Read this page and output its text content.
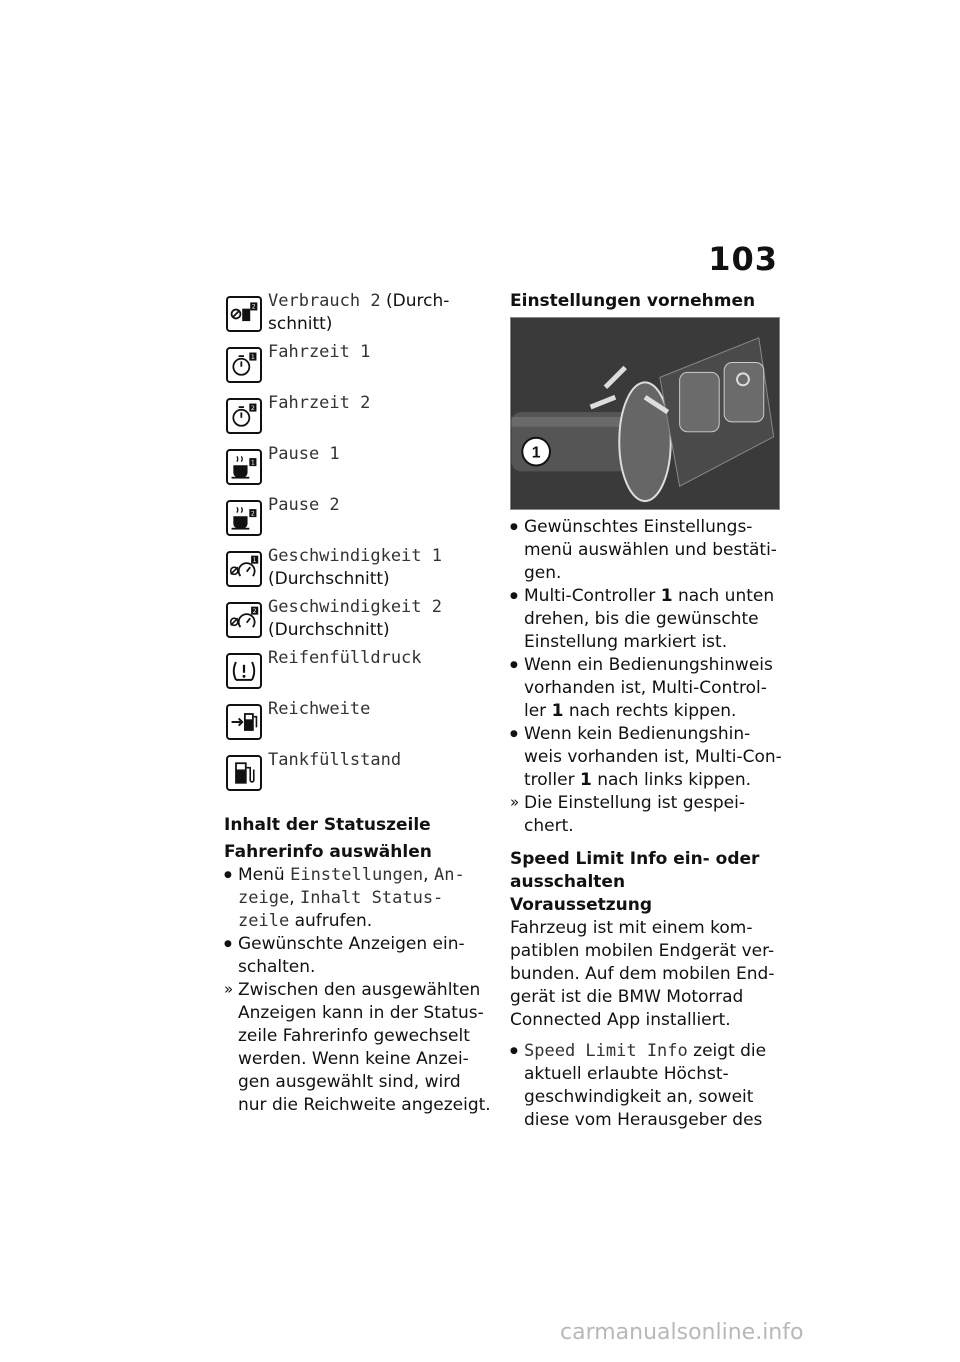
103
2 Verbrauch 2 (Durch-schnitt)
1 Fahrzeit 1
2 Fahrzeit 2
1 Pause 1
2 Pause 2
1 Geschwindigkeit 1
(Durchschnitt)
2 Geschwindigkeit 2
(Durchschnitt)
Reifenfülldruck
Reichweite
Tankfüllstand
Inhalt der Statuszeile
Fahrerinfo auswählen
● Menü Einstellungen, An-zeige, Inhalt Status-zeile aufrufen.
● Gewünschte Anzeigen ein-schalten.
» Zwischen den ausgewählten Anzeigen kann in der Status-zeile Fahrerinfo gewechselt werden. Wenn keine Anzei-gen ausgewählt sind, wird nur die Reichweite angezeigt.
Einstellungen vornehmen
1
● Gewünschtes Einstellungs-menü auswählen und bestäti-gen.
● Multi-Controller 1 nach unten drehen, bis die gewünschte Einstellung markiert ist.
● Wenn ein Bedienungshinweis vorhanden ist, Multi-Control-ler 1 nach rechts kippen.
● Wenn kein Bedienungshin-weis vorhanden ist, Multi-Con-troller 1 nach links kippen.
» Die Einstellung ist gespei-chert.
Speed Limit Info ein- oder ausschalten
Voraussetzung
Fahrzeug ist mit einem kom-patiblen mobilen Endgerät ver-bunden. Auf dem mobilen End-gerät ist die BMW Motorrad Connected App installiert.
● Speed Limit Info zeigt die aktuell erlaubte Höchst-geschwindigkeit an, soweit diese vom Herausgeber des
carmanualsonline.info
